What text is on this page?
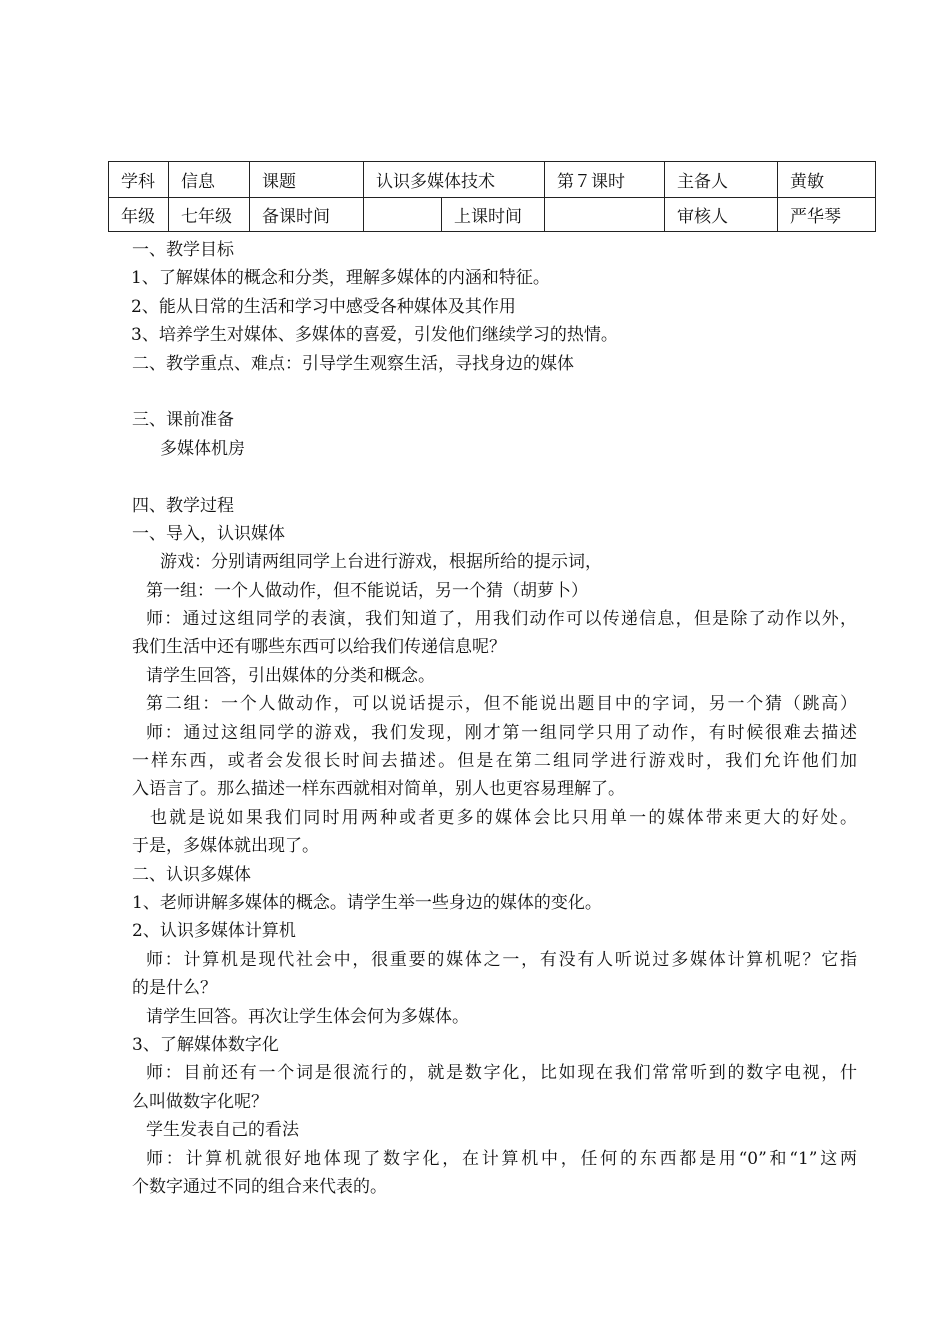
学科	信息	课题	认识多媒体技术		第７课时	主备人	黄敏
年级	七年级	备课时间		上课时间		审核人	严华琴
一、教学目标
1、了解媒体的概念和分类，理解多媒体的内涵和特征。
2、能从日常的生活和学习中感受各种媒体及其作用
3、培养学生对媒体、多媒体的喜爱，引发他们继续学习的热情。
二、教学重点、难点：引导学生观察生活，寻找身边的媒体
三、课前准备
多媒体机房
四、教学过程
一、导入，认识媒体
游戏：分别请两组同学上台进行游戏，根据所给的提示词，
第一组：一个人做动作，但不能说话，另一个猜（胡萝卜）
师：通过这组同学的表演，我们知道了，用我们动作可以传递信息，但是除了动作以外，
我们生活中还有哪些东西可以给我们传递信息呢？
请学生回答，引出媒体的分类和概念。
第二组：一个人做动作，可以说话提示，但不能说出题目中的字词，另一个猜（跳高）
师：通过这组同学的游戏，我们发现，刚才第一组同学只用了动作，有时候很难去描述
一样东西，或者会发很长时间去描述。但是在第二组同学进行游戏时，我们允许他们加
入语言了。那么描述一样东西就相对简单，别人也更容易理解了。
也就是说如果我们同时用两种或者更多的媒体会比只用单一的媒体带来更大的好处。
于是，多媒体就出现了。
二、认识多媒体
1、老师讲解多媒体的概念。请学生举一些身边的媒体的变化。
2、认识多媒体计算机
师：计算机是现代社会中，很重要的媒体之一，有没有人听说过多媒体计算机呢？它指
的是什么？
请学生回答。再次让学生体会何为多媒体。
3、了解媒体数字化
师：目前还有一个词是很流行的，就是数字化，比如现在我们常常听到的数字电视，什
么叫做数字化呢？
学生发表自己的看法
师：计算机就很好地体现了数字化，在计算机中，任何的东西都是用“0”和“1”这两
个数字通过不同的组合来代表的。
